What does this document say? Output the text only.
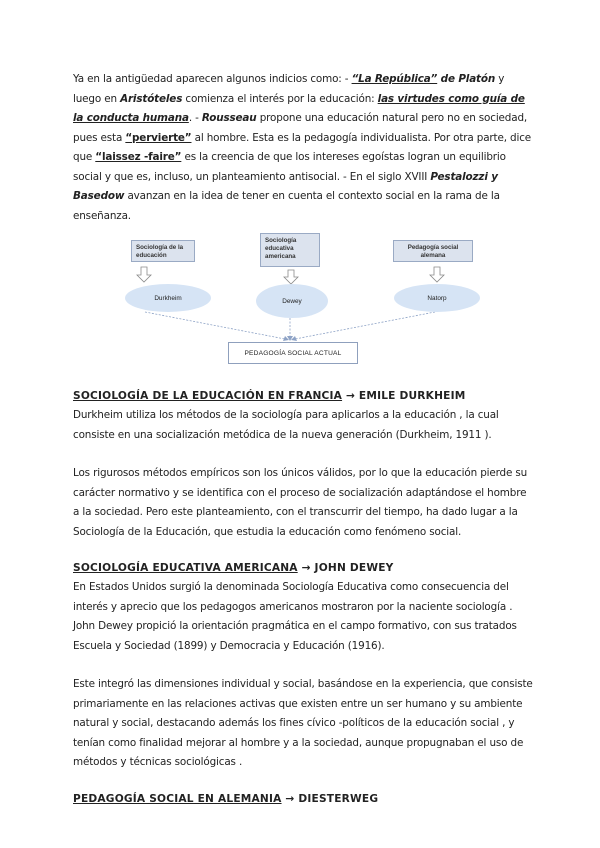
Ya en la antigüedad aparecen algunos indicios como: - “La República” de Platón y luego en Aristóteles comienza el interés por la educación: las virtudes como guía de la conducta humana. - Rousseau propone una educación natural pero no en sociedad, pues esta “pervierte” al hombre. Esta es la pedagogía individualista. Por otra parte, dice que “laissez -faire” es la creencia de que los intereses egoístas logran un equilibrio social y que es, incluso, un planteamiento antisocial. - En el siglo XVIII Pestalozzi y Basedow avanzan en la idea de tener en cuenta el contexto social en la rama de la enseñanza.

Sociología de la educación
Sociología educativa americana
Pedagogía social alemana
Durkheim	Dewey	Natorp
PEDAGOGÍA SOCIAL ACTUAL
SOCIOLOGÍA DE LA EDUCACIÓN EN FRANCIA → EMILE DURKHEIM

Durkheim utiliza los métodos de la sociología para aplicarlos a la educación , la cual consiste en una socialización metódica de la nueva generación (Durkheim, 1911 ).

Los rigurosos métodos empíricos son los únicos válidos, por lo que la educación pierde su carácter normativo y se identifica con el proceso de socialización adaptándose el hombre a la sociedad. Pero este planteamiento, con el transcurrir del tiempo, ha dado lugar a la Sociología de la Educación, que estudia la educación como fenómeno social.

SOCIOLOGÍA EDUCATIVA AMERICANA → JOHN DEWEY

En Estados Unidos surgió la denominada Sociología Educativa como consecuencia del interés y aprecio que los pedagogos americanos mostraron por la naciente sociología . John Dewey propició la orientación pragmática en el campo formativo, con sus tratados Escuela y Sociedad (1899) y Democracia y Educación (1916).

Este integró las dimensiones individual y social, basándose en la experiencia, que consiste primariamente en las relaciones activas que existen entre un ser humano y su ambiente natural y social, destacando además los fines cívico -políticos de la educación social , y tenían como finalidad mejorar al hombre y a la sociedad, aunque propugnaban el uso de métodos y técnicas sociológicas .

PEDAGOGÍA SOCIAL EN ALEMANIA → DIESTERWEG
